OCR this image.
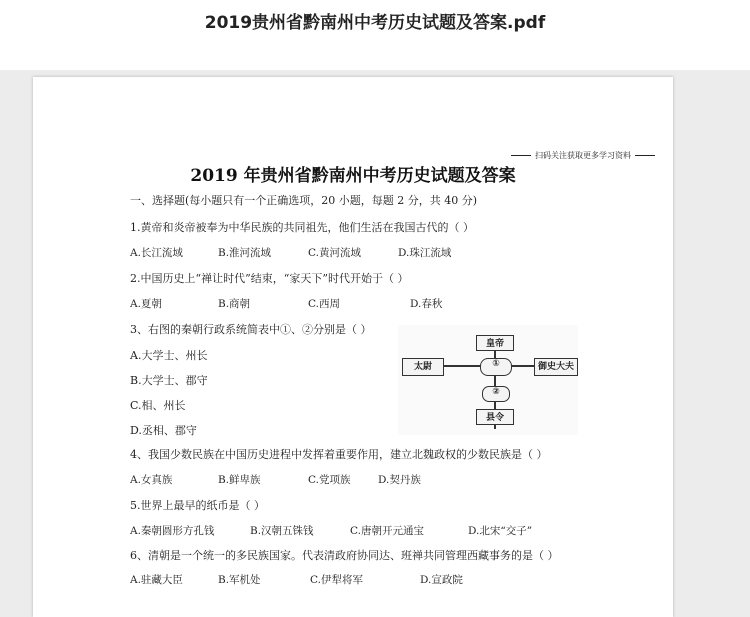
2019贵州省黔南州中考历史试题及答案.pdf
扫码关注获取更多学习资料
2019 年贵州省黔南州中考历史试题及答案
一、选择题(每小题只有一个正确选项，20 小题，每题 2 分，共 40 分)
1.黄帝和炎帝被奉为中华民族的共同祖先，他们生活在我国古代的（ ）
A.长江流域	B.淮河流域	C.黄河流域	D.珠江流域
2.中国历史上“禅让时代”结束，“家天下”时代开始于（ ）
A.夏朝	B.商朝	C.西周	D.春秋
3、右图的秦朝行政系统简表中①、②分别是（ ）
A.大学士、州长
B.大学士、郡守
C.相、州长
D.丞相、郡守
皇帝
太尉	①	御史大夫
②
县令
4、我国少数民族在中国历史进程中发挥着重要作用，建立北魏政权的少数民族是（ ）
A.女真族	B.鲜卑族	C.党项族	D.契丹族
5.世界上最早的纸币是（ ）
A.秦朝圆形方孔钱	B.汉朝五铢钱	C.唐朝开元通宝	D.北宋“交子”
6、清朝是一个统一的多民族国家。代表清政府协同达、班禅共同管理西藏事务的是（ ）
A.驻藏大臣	B.军机处	C.伊犁将军	D.宣政院
